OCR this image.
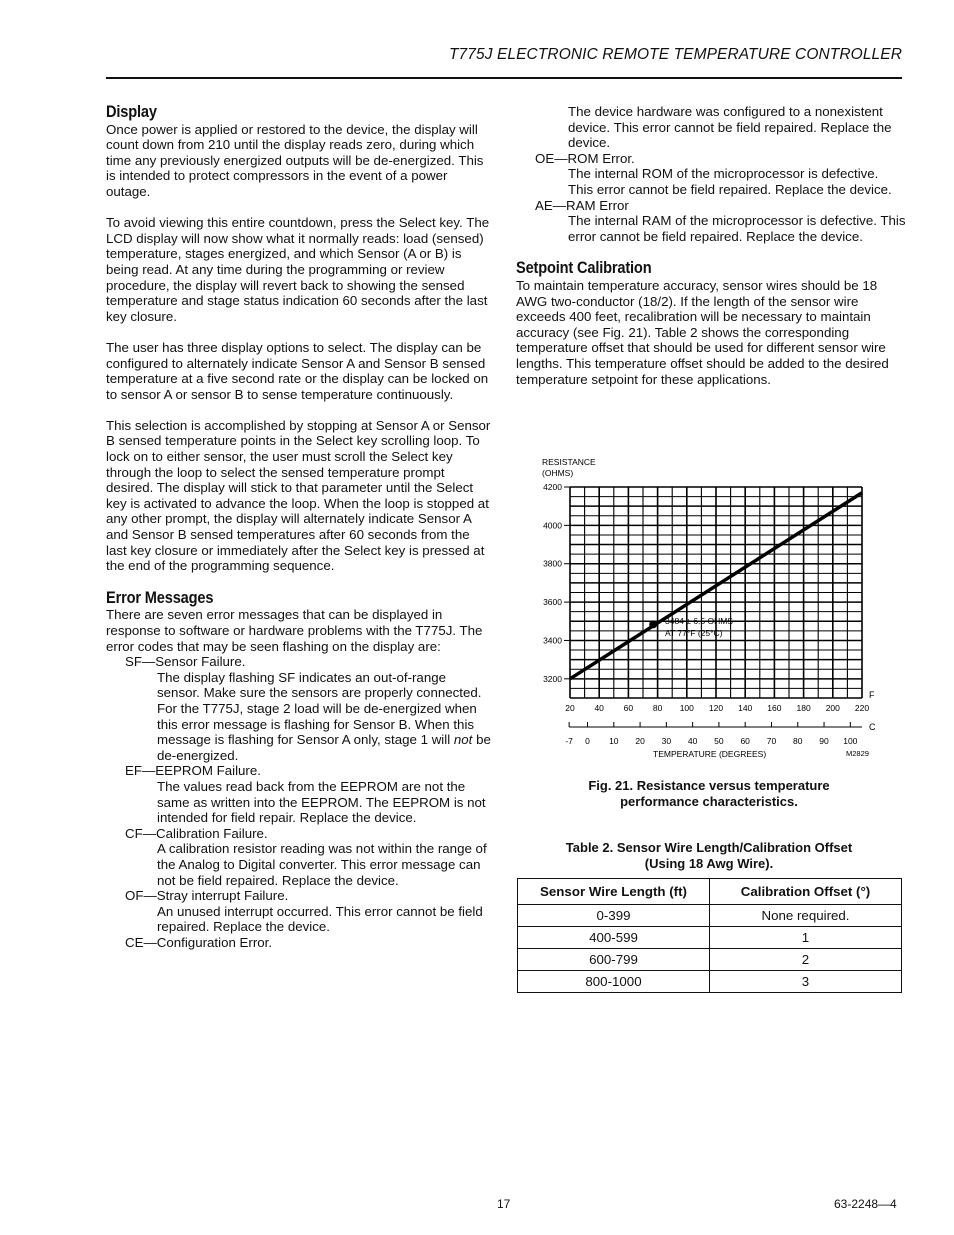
T775J ELECTRONIC REMOTE TEMPERATURE CONTROLLER
Display

Once power is applied or restored to the device, the display will count down from 210 until the display reads zero, during which time any previously energized outputs will be de-energized. This is intended to protect compressors in the event of a power outage.

To avoid viewing this entire countdown, press the Select key. The LCD display will now show what it normally reads: load (sensed) temperature, stages energized, and which Sensor (A or B) is being read. At any time during the programming or review procedure, the display will revert back to showing the sensed temperature and stage status indication 60 seconds after the last key closure.

The user has three display options to select. The display can be configured to alternately indicate Sensor A and Sensor B sensed temperature at a five second rate or the display can be locked on to sensor A or sensor B to sense temperature continuously.

This selection is accomplished by stopping at Sensor A or Sensor B sensed temperature points in the Select key scrolling loop. To lock on to either sensor, the user must scroll the Select key through the loop to select the sensed temperature prompt desired. The display will stick to that parameter until the Select key is activated to advance the loop. When the loop is stopped at any other prompt, the display will alternately indicate Sensor A and Sensor B sensed temperatures after 60 seconds from the last key closure or immediately after the Select key is pressed at the end of the programming sequence.

Error Messages
There are seven error messages that can be displayed in response to software or hardware problems with the T775J. The error codes that may be seen flashing on the display are:
SF—Sensor Failure.
The display flashing SF indicates an out-of-range sensor. Make sure the sensors are properly connected. For the T775J, stage 2 load will be de-energized when this error message is flashing for Sensor B. When this message is flashing for Sensor A only, stage 1 will not be de-energized.
EF—EEPROM Failure.
The values read back from the EEPROM are not the same as written into the EEPROM. The EEPROM is not intended for field repair. Replace the device.
CF—Calibration Failure.
A calibration resistor reading was not within the range of the Analog to Digital converter. This error message can not be field repaired. Replace the device.
OF—Stray interrupt Failure.
An unused interrupt occurred. This error cannot be field repaired. Replace the device.
CE—Configuration Error.
The device hardware was configured to a nonexistent device. This error cannot be field repaired. Replace the device.
OE—ROM Error.
The internal ROM of the microprocessor is defective. This error cannot be field repaired. Replace the device.
AE—RAM Error
The internal RAM of the microprocessor is defective. This error cannot be field repaired. Replace the device.
Setpoint Calibration
To maintain temperature accuracy, sensor wires should be 18 AWG two-conductor (18/2). If the length of the sensor wire exceeds 400 feet, recalibration will be necessary to maintain accuracy (see Fig. 21). Table 2 shows the corresponding temperature offset that should be used for different sensor wire lengths. This temperature offset should be added to the desired temperature setpoint for these applications.
RESISTANCE
(OHMS)
4200
4000
3800
3600
3400
3200
20 40 60 80 100 120 140 160 180 200 220
-7 0 10 20 30 40 50 60 70 80 90 100
F
C
3484 ± 6.5 OHMS
AT 77°F (25°C)
TEMPERATURE (DEGREES)	M2829
Fig. 21. Resistance versus temperature
performance characteristics.
Table 2. Sensor Wire Length/Calibration Offset
(Using 18 Awg Wire).
Sensor Wire Length (ft)	Calibration Offset (°)
0-399	None required.
400-599	1
600-799	2
800-1000	3
17	63-2248—4
